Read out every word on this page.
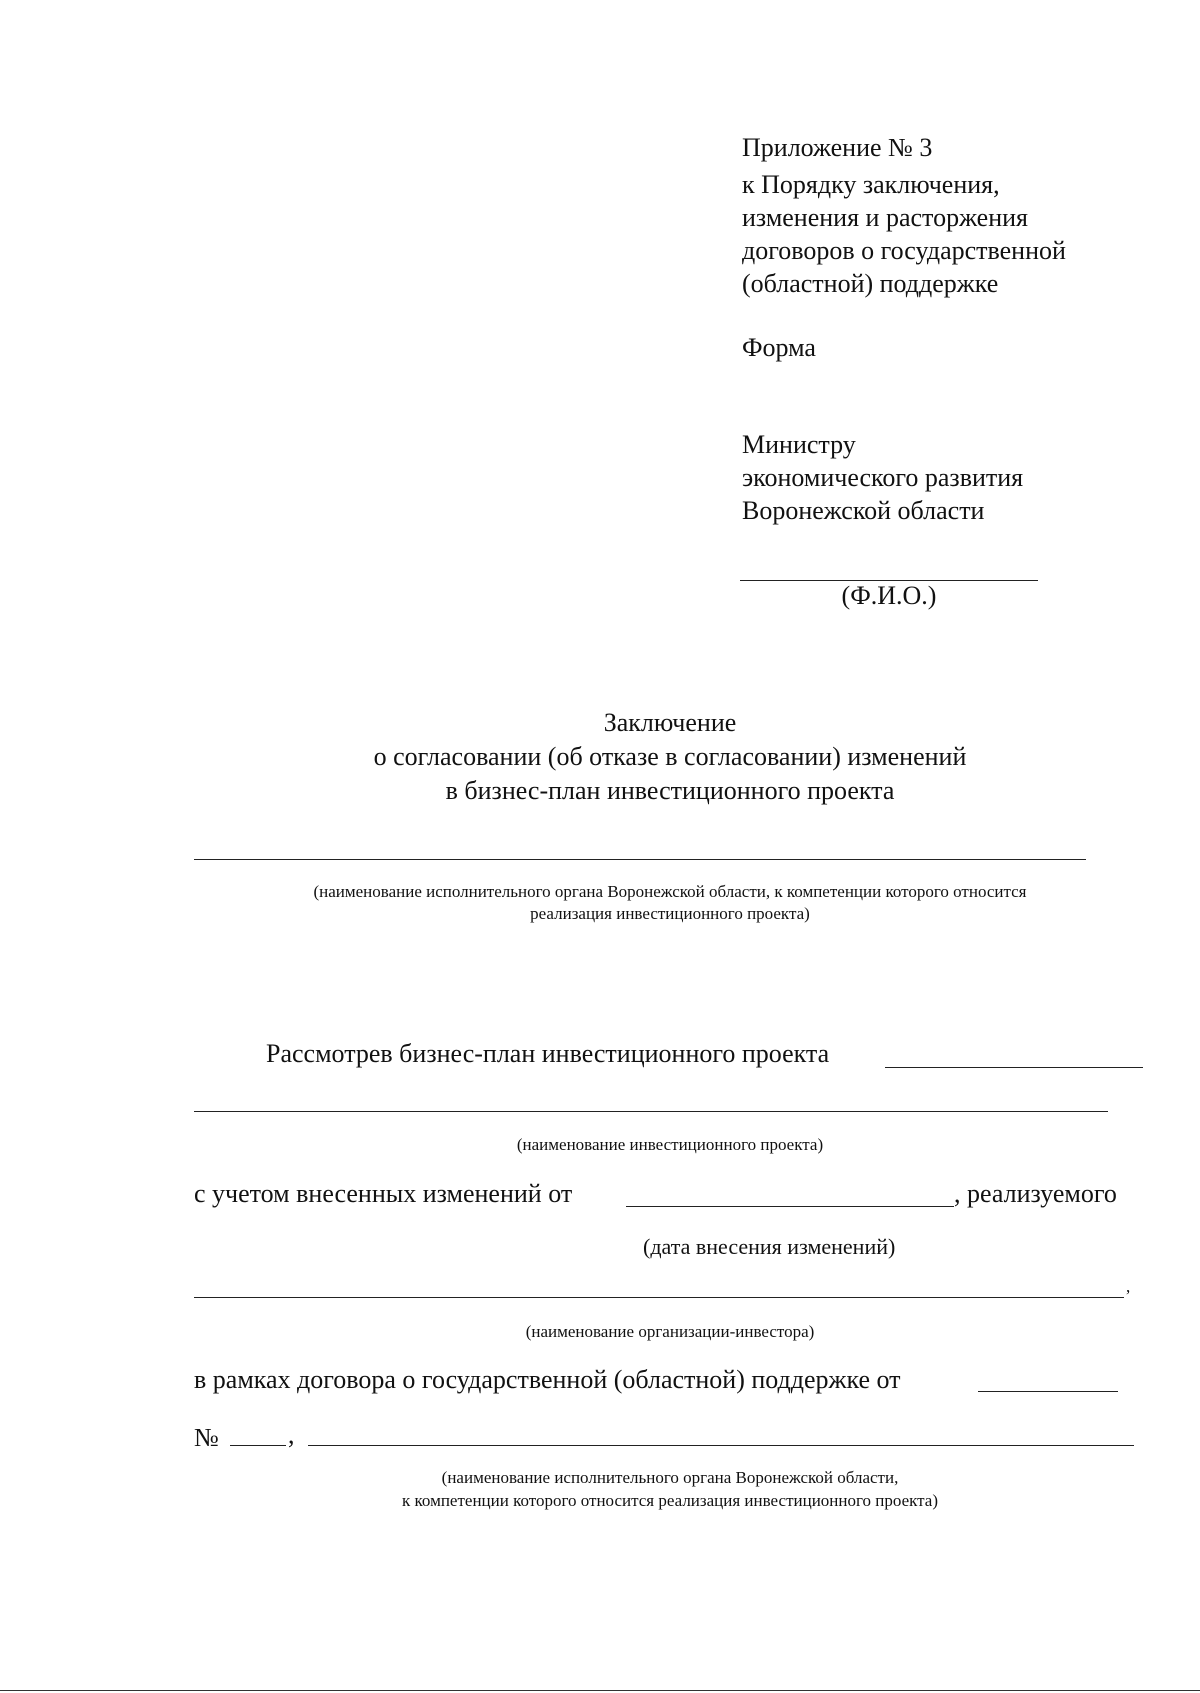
Приложение № 3
к Порядку заключения,
изменения и расторжения
договоров о государственной
(областной) поддержке
Форма
Министру
экономического развития
Воронежской области
(Ф.И.О.)
Заключение
о согласовании (об отказе в согласовании) изменений
в бизнес-план инвестиционного проекта
(наименование исполнительного органа Воронежской области, к компетенции которого относится
реализация инвестиционного проекта)
Рассмотрев бизнес-план инвестиционного проекта
(наименование инвестиционного проекта)
с учетом внесенных изменений от	, реализуемого
(дата внесения изменений)
,
(наименование организации-инвестора)
в рамках договора о государственной (областной) поддержке от
№	,
(наименование исполнительного органа Воронежской области,
к компетенции которого относится реализация инвестиционного проекта)
